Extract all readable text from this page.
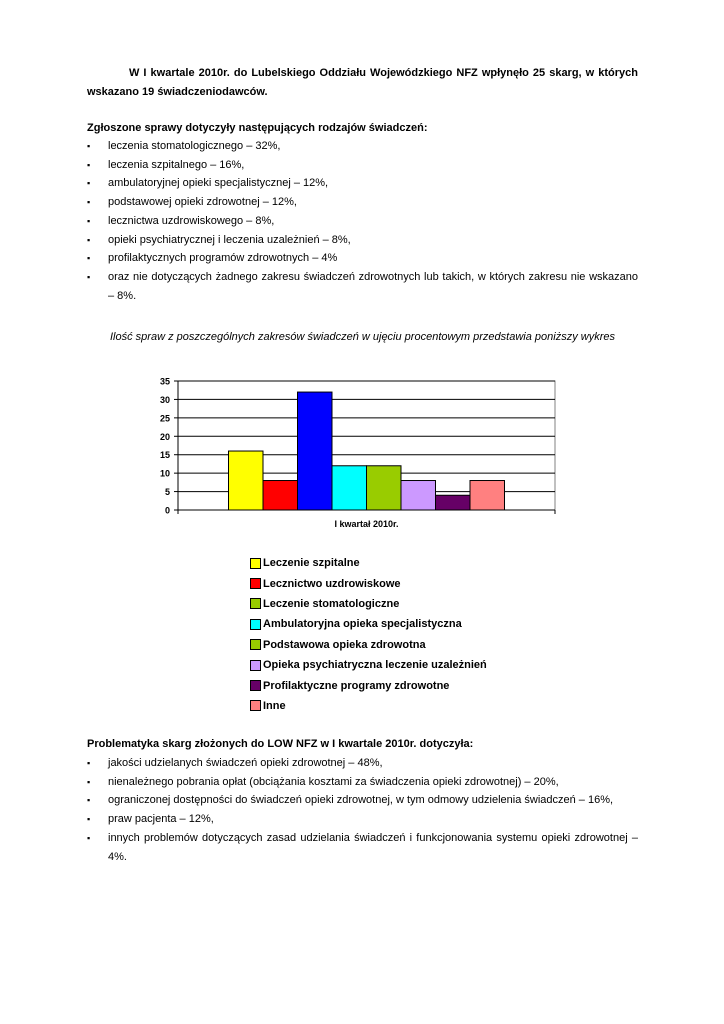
W I kwartale 2010r. do Lubelskiego Oddziału Wojewódzkiego NFZ wpłynęło 25 skarg, w których wskazano 19 świadczeniodawców.

Zgłoszone sprawy dotyczyły następujących rodzajów świadczeń:
▪ leczenia stomatologicznego – 32%,
▪ leczenia szpitalnego – 16%,
▪ ambulatoryjnej opieki specjalistycznej – 12%,
▪ podstawowej opieki zdrowotnej – 12%,
▪ lecznictwa uzdrowiskowego – 8%,
▪ opieki psychiatrycznej i leczenia uzależnień – 8%,
▪ profilaktycznych programów zdrowotnych – 4%
▪ oraz nie dotyczących żadnego zakresu świadczeń zdrowotnych lub takich, w których zakresu nie wskazano – 8%.
Ilość spraw z poszczególnych zakresów świadczeń w ujęciu procentowym przedstawia poniższy wykres
0
5
10
15
20
25
30
35
I kwartał 2010r.
Leczenie szpitalne
Lecznictwo uzdrowiskowe
Leczenie stomatologiczne
Ambulatoryjna opieka specjalistyczna
Podstawowa opieka zdrowotna
Opieka psychiatryczna leczenie uzależnień
Profilaktyczne programy zdrowotne
Inne
Problematyka skarg złożonych do LOW NFZ w I kwartale 2010r. dotyczyła:
▪ jakości udzielanych świadczeń opieki zdrowotnej – 48%,
▪ nienależnego pobrania opłat (obciążania kosztami za świadczenia opieki zdrowotnej) – 20%,
▪ ograniczonej dostępności do świadczeń opieki zdrowotnej, w tym odmowy udzielenia świadczeń – 16%,
▪ praw pacjenta – 12%,
▪ innych problemów dotyczących zasad udzielania świadczeń i funkcjonowania systemu opieki zdrowotnej – 4%.
